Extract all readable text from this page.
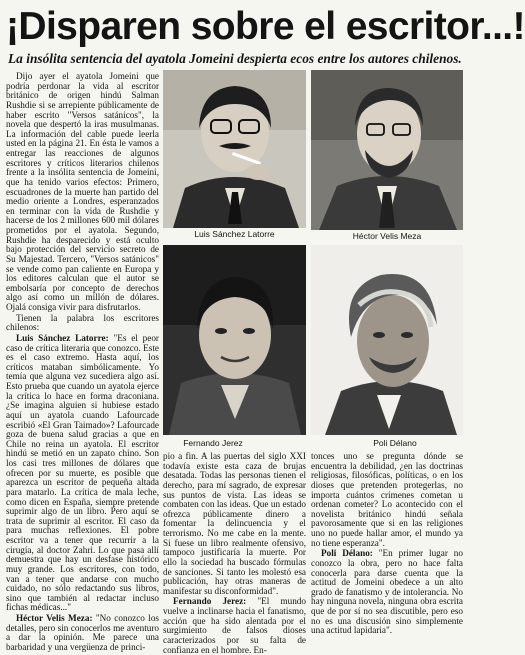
¡Disparen sobre el escritor...!
La insólita sentencia del ayatola Jomeini despierta ecos entre los autores chilenos.

Dijo ayer el ayatola Jomeini que podría perdonar la vida al escritor británico de origen hindú Salman Rushdie si se arrepiente públicamente de haber escrito "Versos satánicos", la novela que despertó la iras musulmanas. La información del cable puede leerla usted en la página 21. En ésta le vamos a entregar las reacciones de algunos escritores y críticos literarios chilenos frente a la insólita sentencia de Jomeini, que ha tenido varios efectos: Primero, escuadrones de la muerte han partido del medio oriente a Londres, esperanzados en terminar con la vida de Rushdie y hacerse de los 2 millones 600 mil dólares prometidos por el ayatola. Segundo, Rushdie ha desparecido y está oculto bajo protección del servicio secreto de Su Majestad. Tercero, "Versos satánicos" se vende como pan caliente en Europa y los editores calculan que el autor se embolsaría por concepto de derechos algo así como un millón de dólares. Ojalá consiga vivir para disfrutarlos.

Tienen la palabra los escritores chilenos:

Luis Sánchez Latorre: "Es el peor caso de crítica literaria que conozco. Este es el caso extremo. Hasta aquí, los críticos mataban simbólicamente. Yo temía que alguna vez sucediera algo así. Esto prueba que cuando un ayatola ejerce la crítica lo hace en forma draconiana. ¿Se imagina alguien si hubiese estado aquí un ayatola cuando Lafourcade escribió «El Gran Taimado»? Lafourcade goza de buena salud gracias a que en Chile no reina un ayatola. El escritor hindú se metió en un zapato chino. Son los casi tres millones de dólares que ofrecen por su muerte, es posible que aparezca un escritor de pequeña altada para matarlo. La crítica de mala leche, como dicen en España, siempre pretende suprimir algo de un libro. Pero aquí se trata de suprimir al escritor. El caso da para muchas reflexiones. El pobre escritor va a tener que recurrir a la cirugía, al doctor Zahri. Lo que pasa allí demuestra que hay un desfase histórico muy grande. Los escritores, con todo, van a tener que andarse con mucho cuidado, no sólo redactando sus libros, sino que también al redactar incluso fichas médicas..."

Héctor Velis Meza: "No conozco los detalles, pero sin conocerlos me aventuro a dar la opinión. Me parece una barbaridad y una vergüenza de princi-

Luis Sánchez Latorre	Héctor Velis Meza
Fernando Jerez	Poli Délano

pio a fin. A las puertas del siglo XXI todavía existe esta caza de brujas desatada. Todas las personas tienen el derecho, para mí sagrado, de expresar sus puntos de vista. Las ideas se combaten con las ideas. Que un estado ofrezca públicamente dinero a fomentar la delincuencia y el terrorismo. No me cabe en la mente. Si fuese un libro realmente ofensivo, tampoco justificaría la muerte. Por ello la sociedad ha buscado fórmulas de sanciones. Si tanto les molestó esa publicación, hay otras maneras de manifestar su disconformidad".

Fernando Jerez: "El mundo vuelve a inclinarse hacia el fanatismo, acción que ha sido alentada por el surgimiento de falsos dioses caracterizados por su falta de confianza en el hombre. En-

tonces uno se pregunta dónde se encuentra la debilidad, ¿en las doctrinas religiosas, filosóficas, políticas, o en los dioses que pretenden protegerlas, no importa cuántos crímenes cometan u ordenan cometer? Lo acontecido con el novelista británico hindú señala pavorosamente que si en las religiones uno no puede hallar amor, el mundo ya no tiene esperanza".

Poli Délano: "En primer lugar no conozco la obra, pero no hace falta conocerla para darse cuenta que la actitud de Jomeini obedece a un alto grado de fanatismo y de intolerancia. No hay ninguna novela, ninguna obra escrita que de por sí no sea discutible, pero eso no es una discusión sino simplemente una actitud lapidaria".
